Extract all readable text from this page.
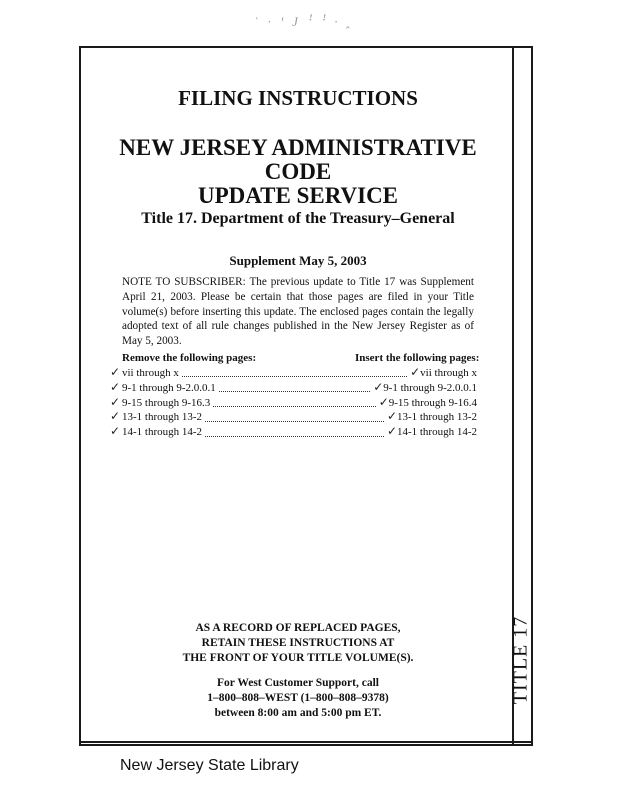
ʿ · ꞌ J ꜝ ꜝ · ꞈ
TITLE 17
FILING INSTRUCTIONS
NEW JERSEY ADMINISTRATIVE CODE
UPDATE SERVICE
Title 17. Department of the Treasury–General
Supplement May 5, 2003
NOTE TO SUBSCRIBER: The previous update to Title 17 was Supplement April 21, 2003. Please be certain that those pages are filed in your Title volume(s) before inserting this update. The enclosed pages contain the legally adopted text of all rule changes published in the New Jersey Register as of May 5, 2003.
Remove the following pages:	Insert the following pages:
✓ vii through x	✓ vii through x
✓ 9-1 through 9-2.0.0.1	✓ 9-1 through 9-2.0.0.1
✓ 9-15 through 9-16.3	✓ 9-15 through 9-16.4
✓ 13-1 through 13-2	✓ 13-1 through 13-2
✓ 14-1 through 14-2	✓ 14-1 through 14-2
AS A RECORD OF REPLACED PAGES,
RETAIN THESE INSTRUCTIONS AT
THE FRONT OF YOUR TITLE VOLUME(S).
For West Customer Support, call
1–800–808–WEST (1–800–808–9378)
between 8:00 am and 5:00 pm ET.
New Jersey State Library
